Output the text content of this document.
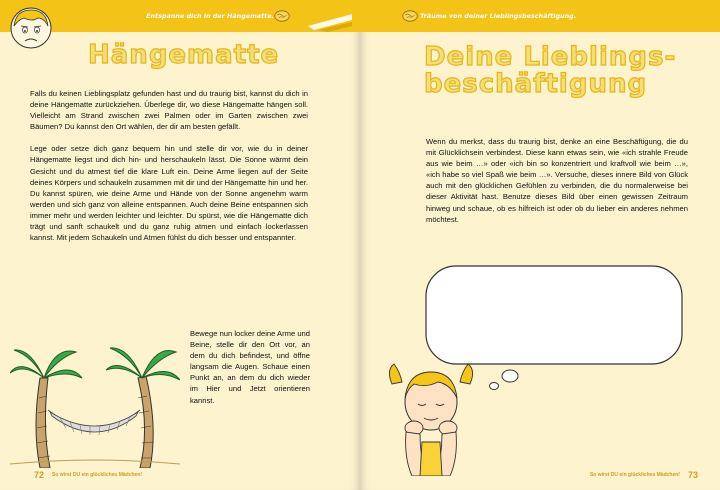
Entspanne dich in der Hängematte.
Hängematte

Falls du keinen Lieblingsplatz gefunden hast und du traurig bist, kannst du dich in deine Hängematte zurückziehen. Überlege dir, wo diese Hängematte hängen soll. Vielleicht am Strand zwischen zwei Palmen oder im Garten zwischen zwei Bäumen? Du kannst den Ort wählen, der dir am besten gefällt.

Lege oder setze dich ganz bequem hin und stelle dir vor, wie du in deiner Hängematte liegst und dich hin- und herschaukeln lässt. Die Sonne wärmt dein Gesicht und du atmest tief die klare Luft ein. Deine Arme liegen auf der Seite deines Körpers und schaukeln zusammen mit dir und der Hängematte hin und her. Du kannst spüren, wie deine Arme und Hände von der Sonne angenehm warm werden und sich ganz von alleine entspannen. Auch deine Beine entspannen sich immer mehr und werden leichter und leichter. Du spürst, wie die Hängematte dich trägt und sanft schaukelt und du ganz ruhig atmen und einfach lockerlassen kannst. Mit jedem Schaukeln und Atmen fühlst du dich besser und entspannter.

Bewege nun locker deine Arme und Beine, stelle dir den Ort vor, an dem du dich befindest, und öffne langsam die Augen. Schaue einen Punkt an, an dem du dich wieder im Hier und Jetzt orientieren kannst.
72 So wirst DU ein glückliches Mädchen!
Träume von deiner Lieblingsbeschäftigung.
So wirst DU ein glückliches Mädchen! 73
Deine Lieblings-
beschäftigung

Wenn du merkst, dass du traurig bist, denke an eine Beschäftigung, die du mit Glücklichsein verbindest. Diese kann etwas sein, wie «ich strahle Freude aus wie beim …» oder «ich bin so konzentriert und kraftvoll wie beim …», «ich habe so viel Spaß wie beim …». Versuche, dieses innere Bild von Glück auch mit den glücklichen Gefühlen zu verbinden, die du normalerweise bei dieser Aktivität hast. Benutze dieses Bild über einen gewissen Zeitraum hinweg und schaue, ob es hilfreich ist oder ob du lieber ein anderes nehmen möchtest.
